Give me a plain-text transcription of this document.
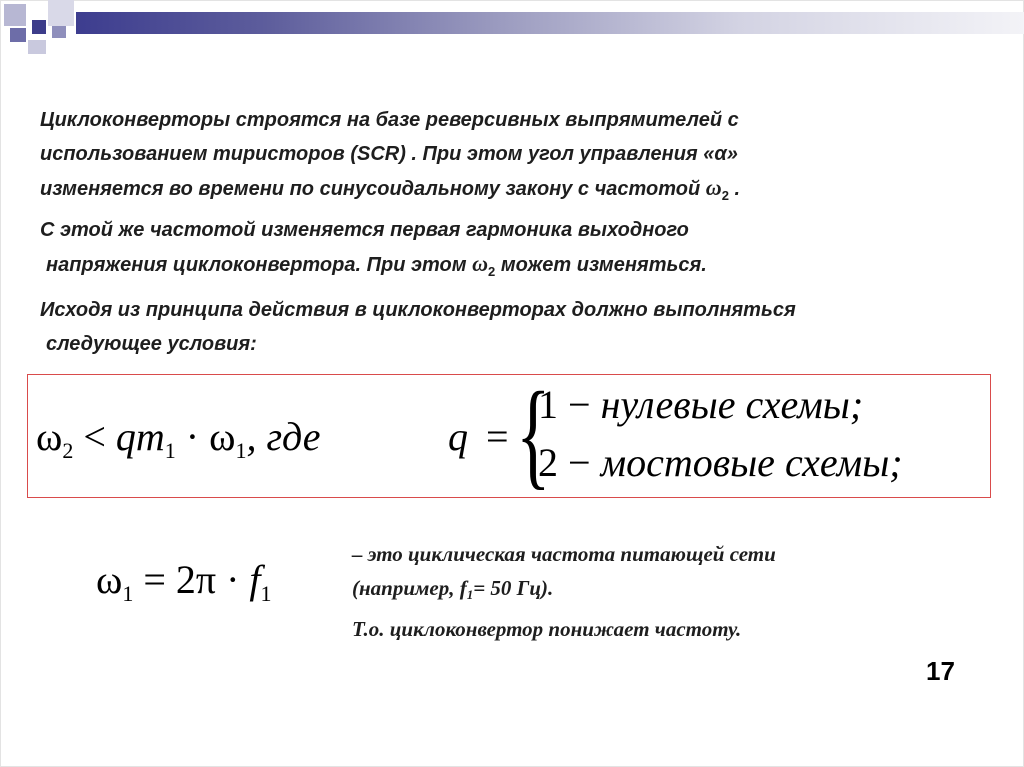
Циклоконверторы строятся на базе реверсивных выпрямителей с
использованием тиристоров (SCR) . При этом угол управления «α»
изменяется во времени по синусоидальному закону с частотой $\omega_2$ .

С этой же частотой изменяется первая гармоника выходного
напряжения циклоконвертора. При этом $\omega_2$ может изменяться.

Исходя из принципа действия в циклоконверторах должно выполняться
следующее условия:

$\omega_2 < qm_1 \cdot \omega_1$, где	q = {
1 − нулевые схемы;
2 − мостовые схемы;
$\omega_1 = 2\pi \cdot f_1$
– это циклическая частота питающей сети
(например, f1= 50 Гц).
Т.о. циклоконвертор понижает частоту.
17
